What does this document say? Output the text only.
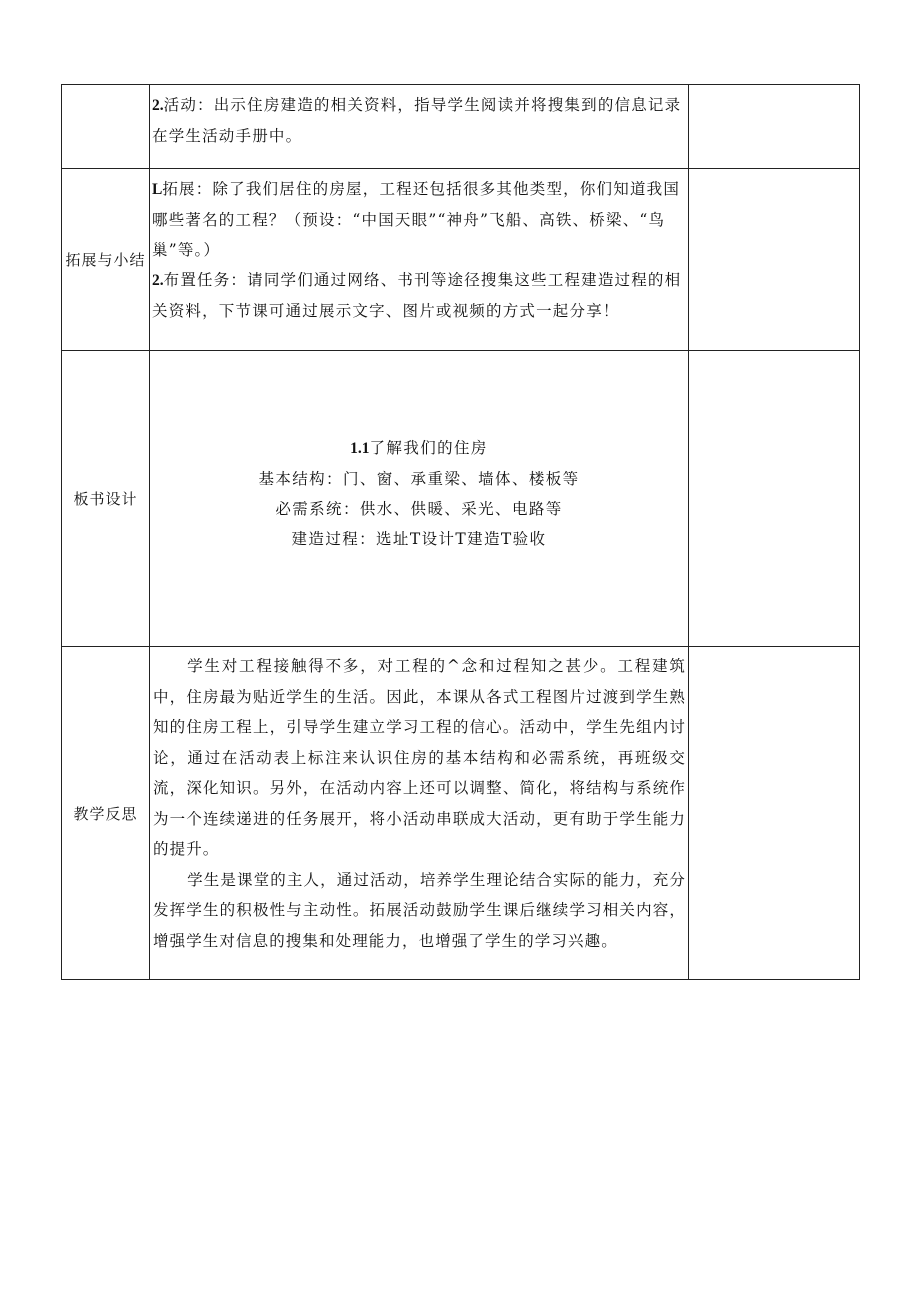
	2.活动：出示住房建造的相关资料，指导学生阅读并将搜集到的信息记录在学生活动手册中。	

拓展与小结	L拓展：除了我们居住的房屋，工程还包括很多其他类型，你们知道我国哪些著名的工程？（预设：“中国天眼”“神舟”飞船、高铁、桥梁、“鸟巢”等。）

2.布置任务：请同学们通过网络、书刊等途径搜集这些工程建造过程的相关资料，下节课可通过展示文字、图片或视频的方式一起分享！	

板书设计	1.1了解我们的住房

基本结构：门、窗、承重梁、墙体、楼板等

必需系统：供水、供暖、采光、电路等

建造过程：选址T设计T建造T验收	

教学反思	学生对工程接触得不多，对工程的^念和过程知之甚少。工程建筑中，住房最为贴近学生的生活。因此，本课从各式工程图片过渡到学生熟知的住房工程上，引导学生建立学习工程的信心。活动中，学生先组内讨论，通过在活动表上标注来认识住房的基本结构和必需系统，再班级交流，深化知识。另外，在活动内容上还可以调整、简化，将结构与系统作为一个连续递进的任务展开，将小活动串联成大活动，更有助于学生能力的提升。

学生是课堂的主人，通过活动，培养学生理论结合实际的能力，充分发挥学生的积极性与主动性。拓展活动鼓励学生课后继续学习相关内容，增强学生对信息的搜集和处理能力，也增强了学生的学习兴趣。	
